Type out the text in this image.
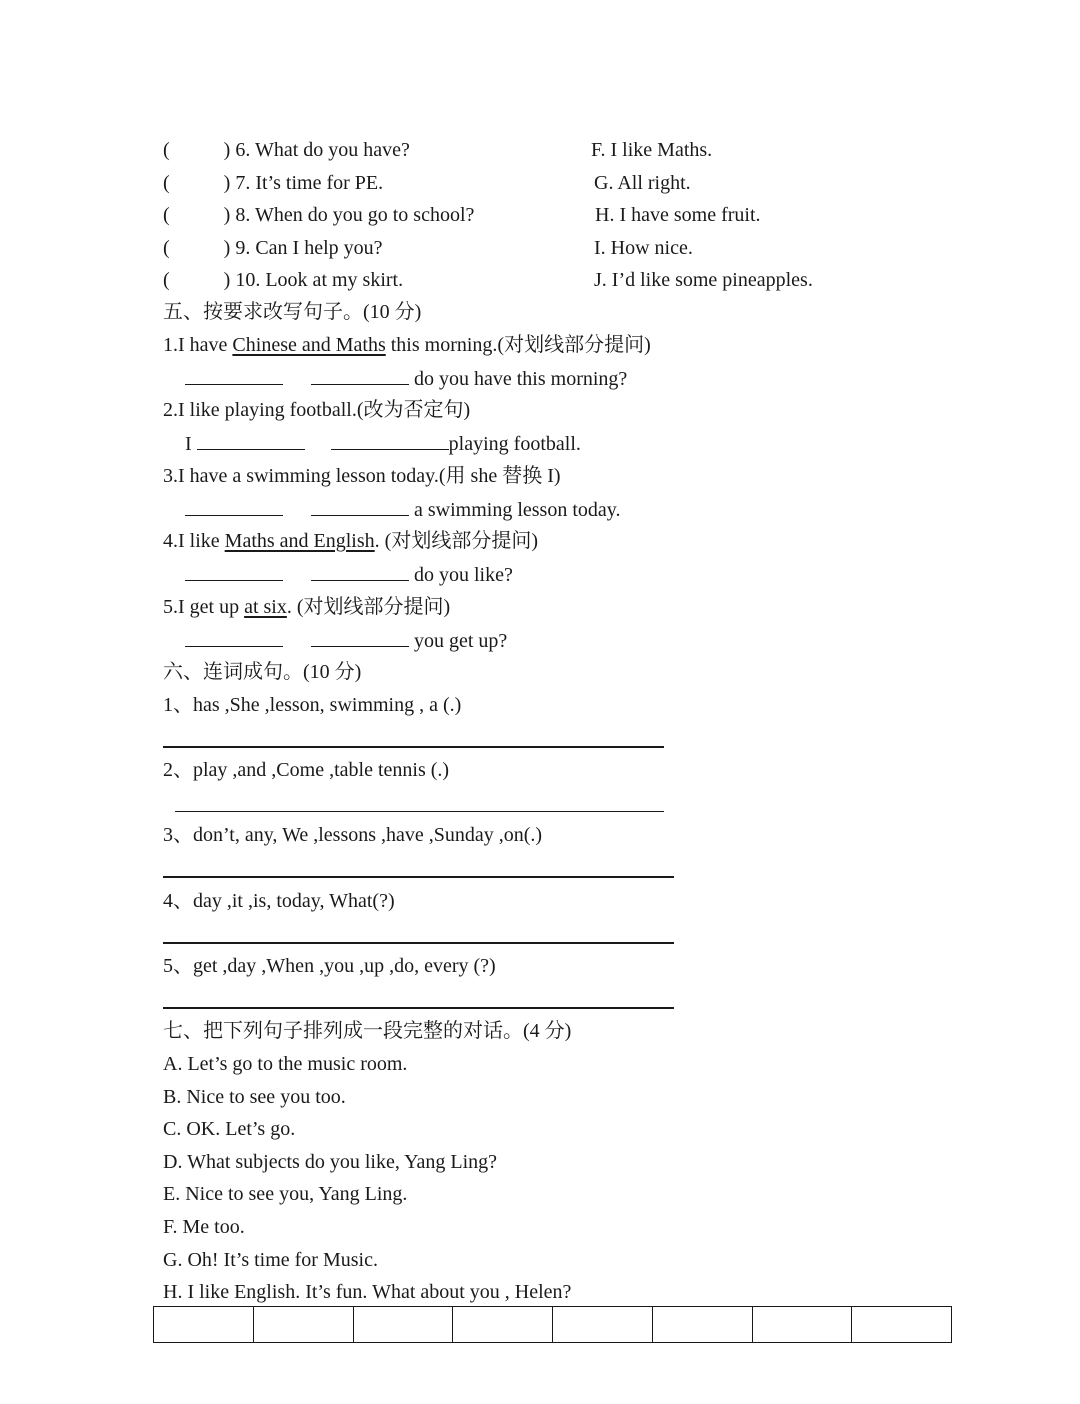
(	) 6. What do you have?	F. I like Maths.
(	) 7. It’s time for PE.	G. All right.
(	) 8. When do you go to school?	H. I have some fruit.
(	) 9. Can I help you?	I. How nice.
(	) 10. Look at my skirt.	J. I’d like some pineapples.
五、按要求改写句子。(10 分)
1.I have Chinese and Maths this morning.(对划线部分提问)
do you have this morning?
2.I like playing football.(改为否定句)
I	playing football.
3.I have a swimming lesson today.(用 she 替换 I)
a swimming lesson today.
4.I like Maths and English. (对划线部分提问)
do you like?
5.I get up at six. (对划线部分提问)
you get up?
六、连词成句。(10 分)
1、has ,She ,lesson, swimming , a (.)
2、play ,and ,Come ,table tennis (.)
3、don’t, any, We ,lessons ,have ,Sunday ,on(.)
4、day ,it ,is, today, What(?)
5、get ,day ,When ,you ,up ,do, every (?)
七、把下列句子排列成一段完整的对话。(4 分)
A. Let’s go to the music room.
B. Nice to see you too.
C. OK. Let’s go.
D. What subjects do you like, Yang Ling?
E. Nice to see you, Yang Ling.
F. Me too.
G. Oh! It’s time for Music.
H. I like English. It’s fun. What about you , Helen?
